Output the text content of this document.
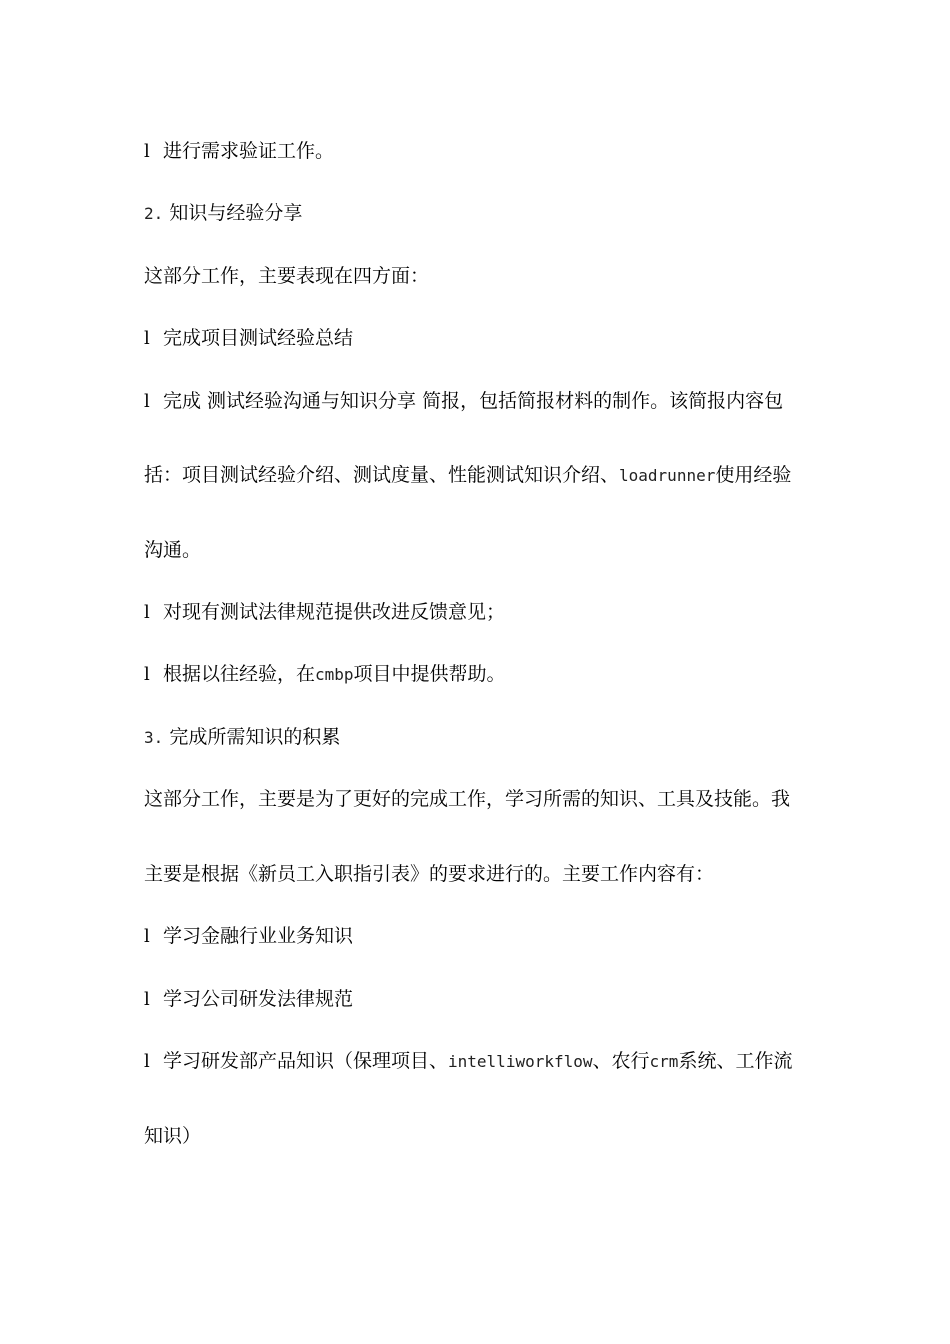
l 进行需求验证工作。
2. 知识与经验分享
这部分工作，主要表现在四方面：
l 完成项目测试经验总结
l 完成 测试经验沟通与知识分享 简报，包括简报材料的制作。该简报内容包
括：项目测试经验介绍、测试度量、性能测试知识介绍、loadrunner使用经验
沟通。
l 对现有测试法律规范提供改进反馈意见；
l 根据以往经验，在cmbp项目中提供帮助。
3. 完成所需知识的积累
这部分工作，主要是为了更好的完成工作，学习所需的知识、工具及技能。我
主要是根据《新员工入职指引表》的要求进行的。主要工作内容有：
l 学习金融行业业务知识
l 学习公司研发法律规范
l 学习研发部产品知识（保理项目、intelliworkflow、农行crm系统、工作流
知识）
